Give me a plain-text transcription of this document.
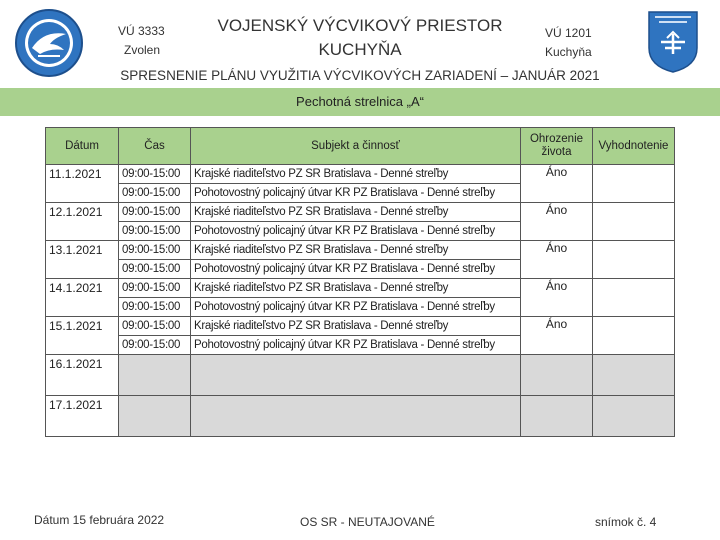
VÚ 3333
Zvolen
VOJENSKÝ VÝCVIKOVÝ PRIESTOR
KUCHYŇA
VÚ 1201
Kuchyňa
SPRESNENIE PLÁNU VYUŽITIA VÝCVIKOVÝCH ZARIADENÍ – JANUÁR 2021
Pechotná strelnica „A“
Dátum	Čas	Subjekt a činnosť	Ohrozenie života	Vyhodnotenie
11.1.2021	09:00-15:00	Krajské riaditeľstvo PZ SR Bratislava - Denné streľby	Áno	
	09:00-15:00	Pohotovostný policajný útvar KR PZ Bratislava - Denné streľby		
12.1.2021	09:00-15:00	Krajské riaditeľstvo PZ SR Bratislava - Denné streľby	Áno	
	09:00-15:00	Pohotovostný policajný útvar KR PZ Bratislava - Denné streľby		
13.1.2021	09:00-15:00	Krajské riaditeľstvo PZ SR Bratislava - Denné streľby	Áno	
	09:00-15:00	Pohotovostný policajný útvar KR PZ Bratislava - Denné streľby		
14.1.2021	09:00-15:00	Krajské riaditeľstvo PZ SR Bratislava - Denné streľby	Áno	
	09:00-15:00	Pohotovostný policajný útvar KR PZ Bratislava - Denné streľby		
15.1.2021	09:00-15:00	Krajské riaditeľstvo PZ SR Bratislava - Denné streľby	Áno	
	09:00-15:00	Pohotovostný policajný útvar KR PZ Bratislava - Denné streľby		
16.1.2021				
17.1.2021				
Dátum 15 februára 2022	OS SR - NEUTAJOVANÉ	snímok č. 4
